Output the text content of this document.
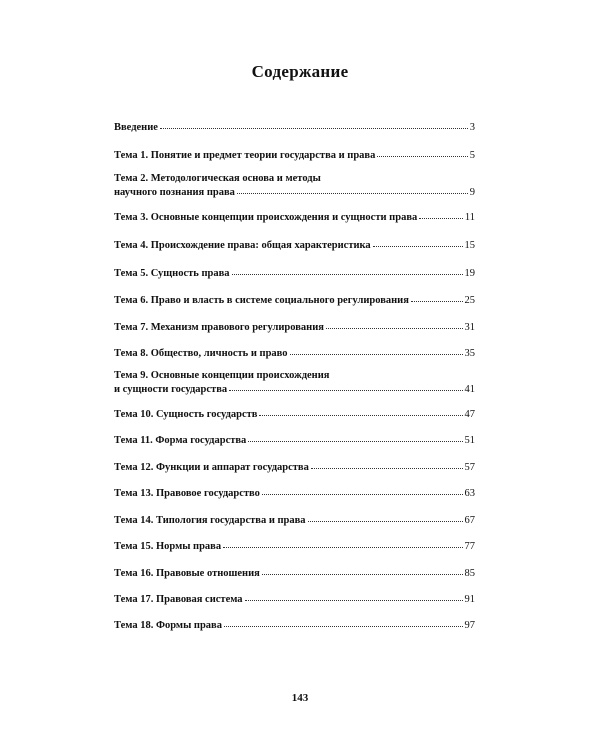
Содержание
Введение	3
Тема 1. Понятие и предмет теории государства и права	5
Тема 2. Методологическая основа и методы
научного познания права	9
Тема 3. Основные концепции происхождения и сущности права	11
Тема 4. Происхождение права: общая характеристика	15
Тема 5. Сущность права	19
Тема 6. Право и власть в системе социального регулирования	25
Тема 7. Механизм правового регулирования	31
Тема 8. Общество, личность и право	35
Тема 9. Основные концепции происхождения
и сущности государства	41
Тема 10. Сущность государств	47
Тема 11. Форма государства	51
Тема 12. Функции и аппарат государства	57
Тема 13. Правовое государство	63
Тема 14. Типология государства и права	67
Тема 15. Нормы права	77
Тема 16. Правовые отношения	85
Тема 17. Правовая система	91
Тема 18. Формы права	97
143
